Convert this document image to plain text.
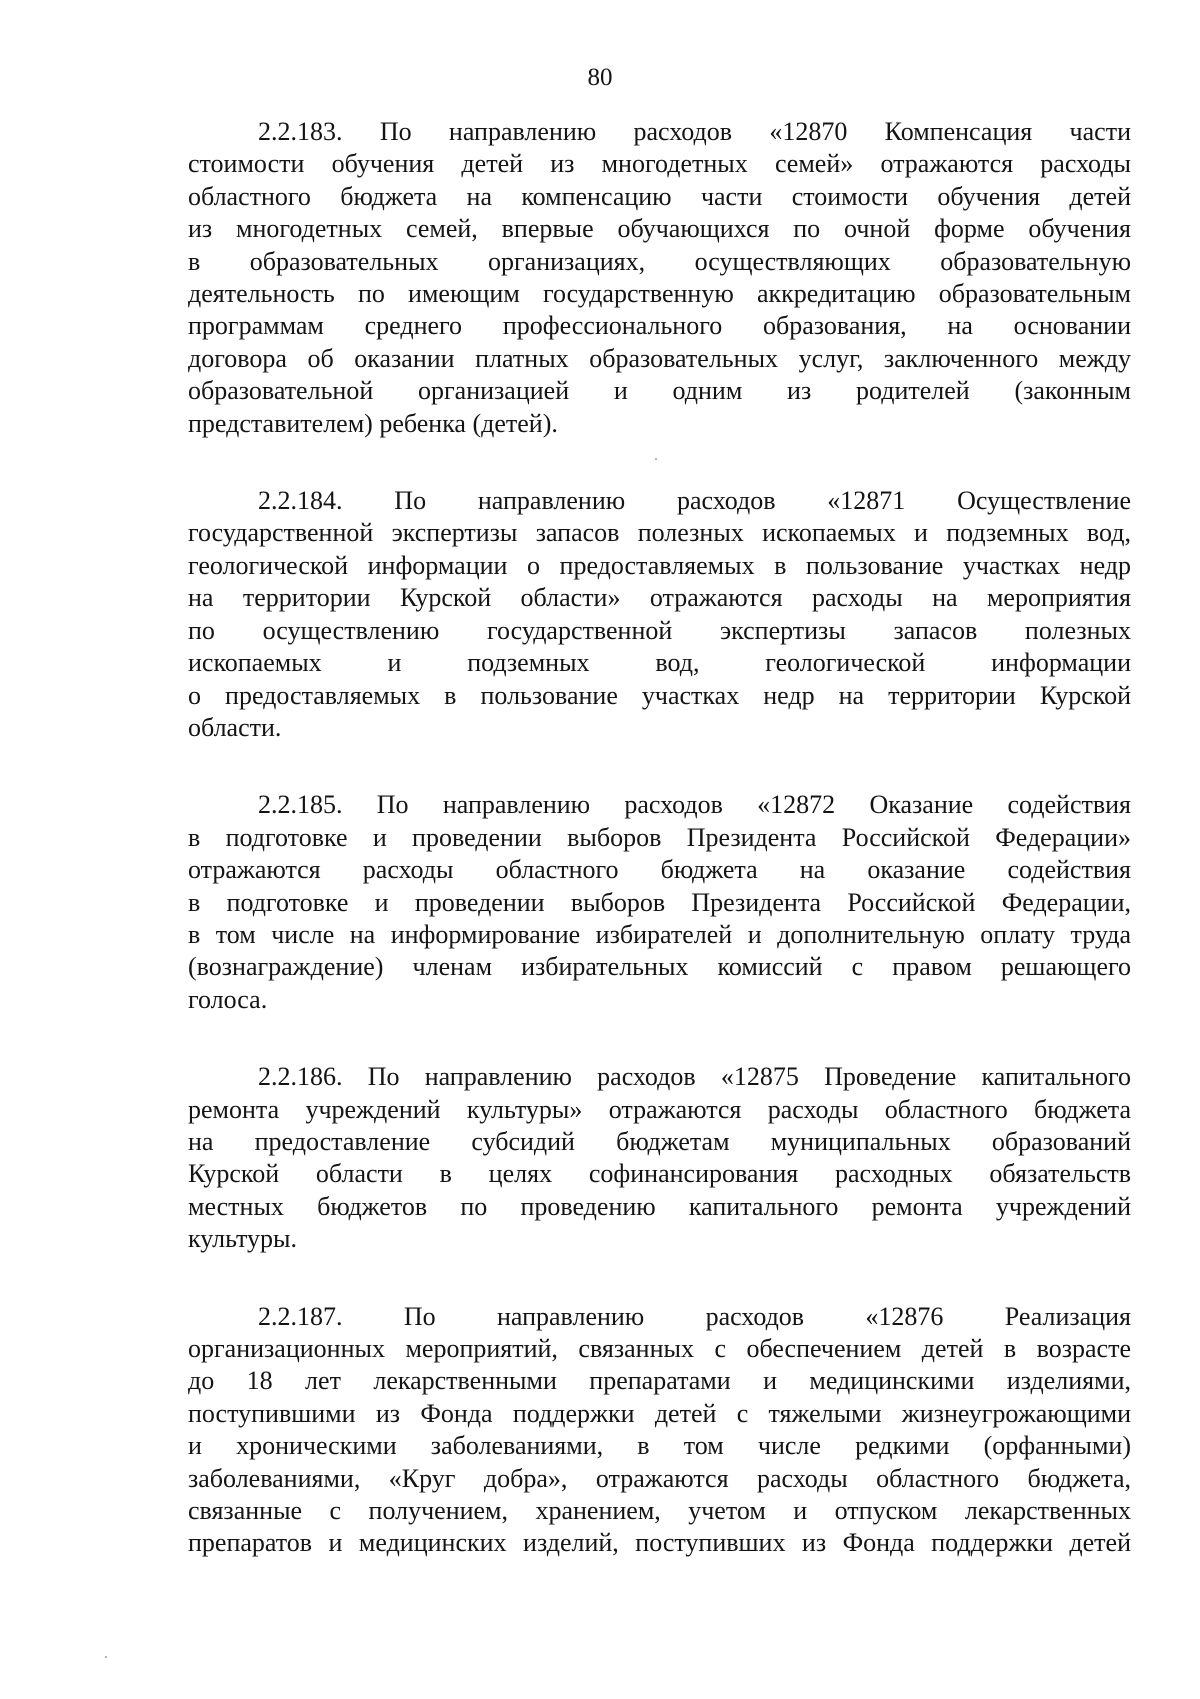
80

2.2.183. По направлению расходов «12870 Компенсация части
стоимости обучения детей из многодетных семей» отражаются расходы
областного бюджета на компенсацию части стоимости обучения детей
из многодетных семей, впервые обучающихся по очной форме обучения
в образовательных организациях, осуществляющих образовательную
деятельность по имеющим государственную аккредитацию образовательным
программам среднего профессионального образования, на основании
договора об оказании платных образовательных услуг, заключенного между
образовательной организацией и одним из родителей (законным
представителем) ребенка (детей).

2.2.184. По направлению расходов «12871 Осуществление
государственной экспертизы запасов полезных ископаемых и подземных вод,
геологической информации о предоставляемых в пользование участках недр
на территории Курской области» отражаются расходы на мероприятия
по осуществлению государственной экспертизы запасов полезных
ископаемых и подземных вод, геологической информации
о предоставляемых в пользование участках недр на территории Курской
области.

2.2.185. По направлению расходов «12872 Оказание содействия
в подготовке и проведении выборов Президента Российской Федерации»
отражаются расходы областного бюджета на оказание содействия
в подготовке и проведении выборов Президента Российской Федерации,
в том числе на информирование избирателей и дополнительную оплату труда
(вознаграждение) членам избирательных комиссий с правом решающего
голоса.

2.2.186. По направлению расходов «12875 Проведение капитального
ремонта учреждений культуры» отражаются расходы областного бюджета
на предоставление субсидий бюджетам муниципальных образований
Курской области в целях софинансирования расходных обязательств
местных бюджетов по проведению капитального ремонта учреждений
культуры.

2.2.187. По направлению расходов «12876 Реализация
организационных мероприятий, связанных с обеспечением детей в возрасте
до 18 лет лекарственными препаратами и медицинскими изделиями,
поступившими из Фонда поддержки детей с тяжелыми жизнеугрожающими
и хроническими заболеваниями, в том числе редкими (орфанными)
заболеваниями, «Круг добра», отражаются расходы областного бюджета,
связанные с получением, хранением, учетом и отпуском лекарственных
препаратов и медицинских изделий, поступивших из Фонда поддержки детей
